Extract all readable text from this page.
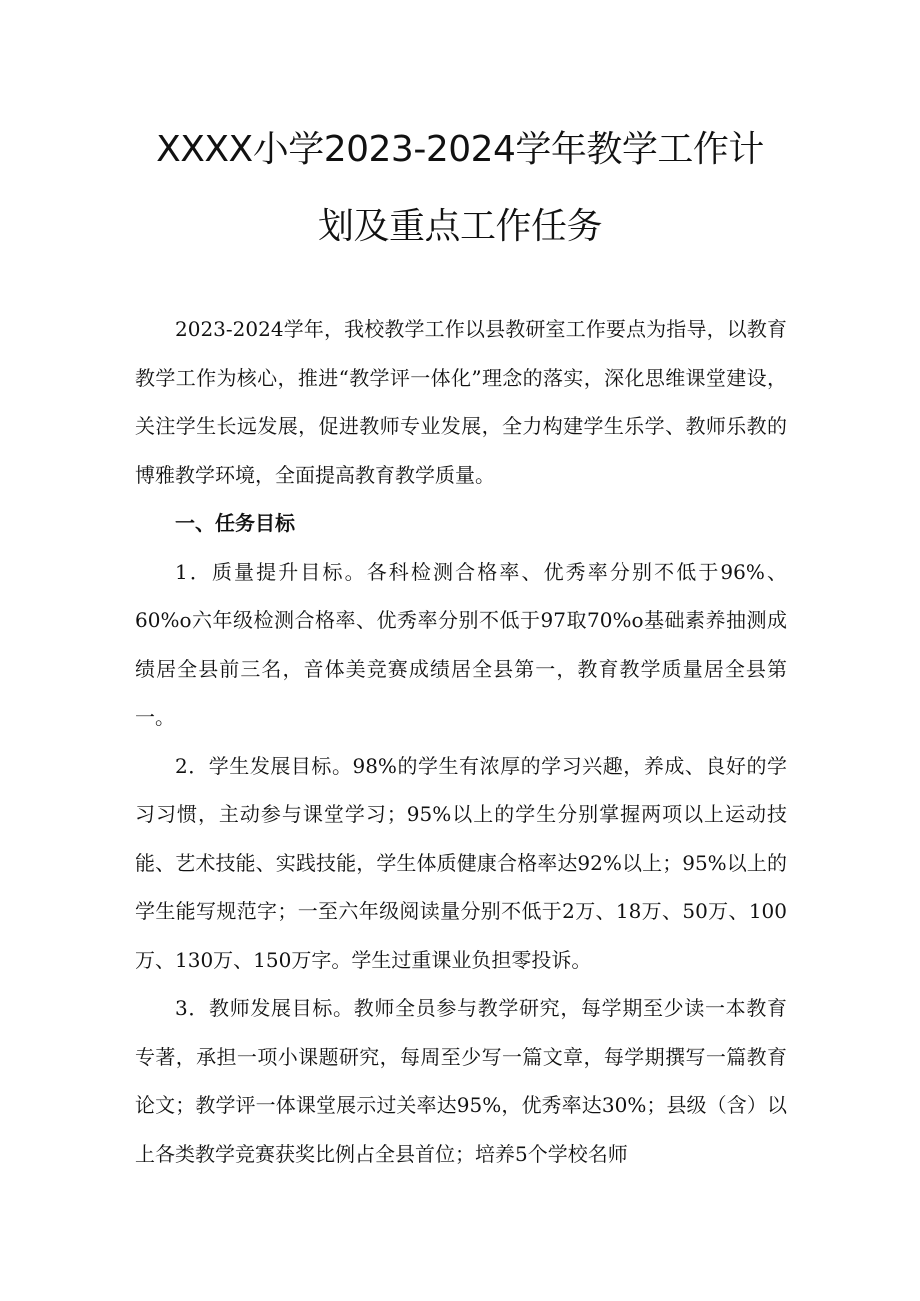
XXXX小学2023-2024学年教学工作计
划及重点工作任务

2023-2024学年，我校教学工作以县教研室工作要点为指导，以教育教学工作为核心，推进“教学评一体化”理念的落实，深化思维课堂建设，关注学生长远发展，促进教师专业发展，全力构建学生乐学、教师乐教的博雅教学环境，全面提高教育教学质量。

一、任务目标

1．质量提升目标。各科检测合格率、优秀率分别不低于96%、60%o六年级检测合格率、优秀率分别不低于97取70%o基础素养抽测成绩居全县前三名，音体美竞赛成绩居全县第一，教育教学质量居全县第一。

2．学生发展目标。98%的学生有浓厚的学习兴趣，养成、良好的学习习惯，主动参与课堂学习；95%以上的学生分别掌握两项以上运动技能、艺术技能、实践技能，学生体质健康合格率达92%以上；95%以上的学生能写规范字；一至六年级阅读量分别不低于2万、18万、50万、100万、130万、150万字。学生过重课业负担零投诉。

3．教师发展目标。教师全员参与教学研究，每学期至少读一本教育专著，承担一项小课题研究，每周至少写一篇文章，每学期撰写一篇教育论文；教学评一体课堂展示过关率达95%，优秀率达30%；县级（含）以上各类教学竞赛获奖比例占全县首位；培养5个学校名师
